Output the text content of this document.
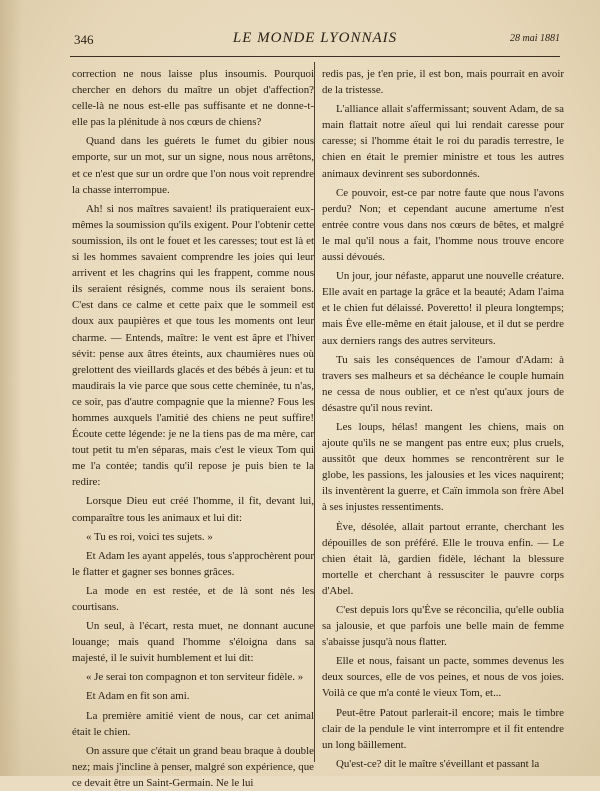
346	LE MONDE LYONNAIS	28 mai 1881

correction ne nous laisse plus insoumis. Pourquoi chercher en dehors du maître un objet d'affection? celle-là ne nous est-elle pas suffisante et ne donne-t-elle pas la plénitude à nos cœurs de chiens?

Quand dans les guérets le fumet du gibier nous emporte, sur un mot, sur un signe, nous nous arrêtons, et ce n'est que sur un ordre que l'on nous voit reprendre la chasse interrompue.

Ah! si nos maîtres savaient! ils pratiqueraient eux-mêmes la soumission qu'ils exigent. Pour l'obtenir cette soumission, ils ont le fouet et les caresses; tout est là et si les hommes savaient comprendre les joies qui leur arrivent et les chagrins qui les frappent, comme nous ils seraient résignés, comme nous ils seraient bons. C'est dans ce calme et cette paix que le sommeil est doux aux paupières et que tous les moments ont leur charme. — Entends, maître: le vent est âpre et l'hiver sévit: pense aux âtres éteints, aux chaumières nues où grelottent des vieillards glacés et des bébés à jeun: et tu maudirais la vie parce que sous cette cheminée, tu n'as, ce soir, pas d'autre compagnie que la mienne? Fous les hommes auxquels l'amitié des chiens ne peut suffire! Écoute cette légende: je ne la tiens pas de ma mère, car tout petit tu m'en séparas, mais c'est le vieux Tom qui me l'a contée; tandis qu'il repose je puis bien te la redire:

Lorsque Dieu eut créé l'homme, il fit, devant lui, comparaître tous les animaux et lui dit:

« Tu es roi, voici tes sujets. »

Et Adam les ayant appelés, tous s'approchèrent pour le flatter et gagner ses bonnes grâces.

La mode en est restée, et de là sont nés les courtisans.

Un seul, à l'écart, resta muet, ne donnant aucune louange; mais quand l'homme s'éloigna dans sa majesté, il le suivit humblement et lui dit:

« Je serai ton compagnon et ton serviteur fidèle. »

Et Adam en fit son ami.

La première amitié vient de nous, car cet animal était le chien.

On assure que c'était un grand beau braque à double nez; mais j'incline à penser, malgré son expérience, que ce devait être un Saint-Germain. Ne le lui

redis pas, je t'en prie, il est bon, mais pourrait en avoir de la tristesse.

L'alliance allait s'affermissant; souvent Adam, de sa main flattait notre aïeul qui lui rendait caresse pour caresse; si l'homme était le roi du paradis terrestre, le chien en était le premier ministre et tous les autres animaux devinrent ses subordonnés.

Ce pouvoir, est-ce par notre faute que nous l'avons perdu? Non; et cependant aucune amertume n'est entrée contre vous dans nos cœurs de bêtes, et malgré le mal qu'il nous a fait, l'homme nous trouve encore aussi dévoués.

Un jour, jour néfaste, apparut une nouvelle créature. Elle avait en partage la grâce et la beauté; Adam l'aima et le chien fut délaissé. Poveretto! il pleura longtemps; mais Ève elle-même en était jalouse, et il dut se perdre aux derniers rangs des autres serviteurs.

Tu sais les conséquences de l'amour d'Adam: à travers ses malheurs et sa déchéance le couple humain ne cessa de nous oublier, et ce n'est qu'aux jours de désastre qu'il nous revint.

Les loups, hélas! mangent les chiens, mais on ajoute qu'ils ne se mangent pas entre eux; plus cruels, aussitôt que deux hommes se rencontrèrent sur le globe, les passions, les jalousies et les vices naquirent; ils inventèrent la guerre, et Caïn immola son frère Abel à ses injustes ressentiments.

Ève, désolée, allait partout errante, cherchant les dépouilles de son préféré. Elle le trouva enfin. — Le chien était là, gardien fidèle, léchant la blessure mortelle et cherchant à ressusciter le pauvre corps d'Abel.

C'est depuis lors qu'Ève se réconcilia, qu'elle oublia sa jalousie, et que parfois une belle main de femme s'abaisse jusqu'à nous flatter.

Elle et nous, faisant un pacte, sommes devenus les deux sources, elle de vos peines, et nous de vos joies. Voilà ce que m'a conté le vieux Tom, et...

Peut-être Patout parlerait-il encore; mais le timbre clair de la pendule le vint interrompre et il fit entendre un long bâillement.

Qu'est-ce? dit le maître s'éveillant et passant la
